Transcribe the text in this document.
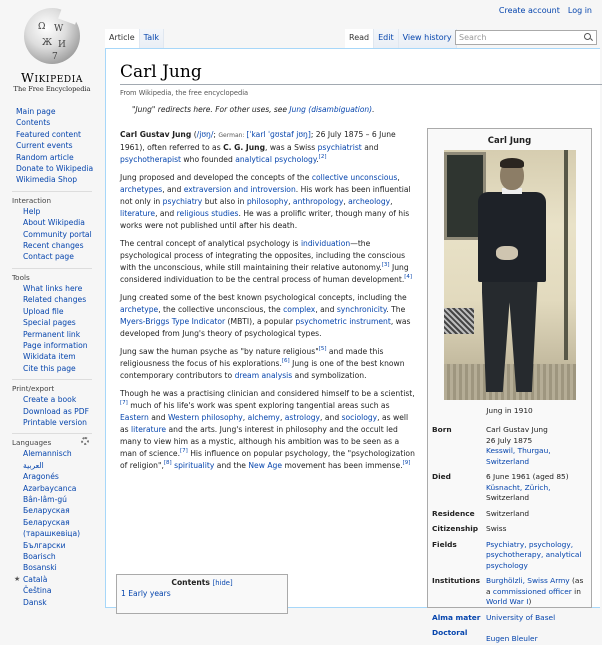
Create account Log in
Ω W
Ж И
7
Wikipedia
The Free Encyclopedia
Article	Talk	Read	Edit	View history Search
Carl Jung
From Wikipedia, the free encyclopedia
"Jung" redirects here. For other uses, see Jung (disambiguation).

Carl Gustav Jung (/jʊŋ/; German: [ˈkarl ˈɡʊstaf jʊŋ]; 26 July 1875 – 6 June 1961), often referred to as C. G. Jung, was a Swiss psychiatrist and psychotherapist who founded analytical psychology.[2]

Jung proposed and developed the concepts of the collective unconscious, archetypes, and extraversion and introversion. His work has been influential not only in psychiatry but also in philosophy, anthropology, archeology, literature, and religious studies. He was a prolific writer, though many of his works were not published until after his death.

The central concept of analytical psychology is individuation—the psychological process of integrating the opposites, including the conscious with the unconscious, while still maintaining their relative autonomy.[3] Jung considered individuation to be the central process of human development.[4]

Jung created some of the best known psychological concepts, including the archetype, the collective unconscious, the complex, and synchronicity. The Myers-Briggs Type Indicator (MBTI), a popular psychometric instrument, was developed from Jung's theory of psychological types.

Jung saw the human psyche as "by nature religious"[5] and made this religiousness the focus of his explorations.[6] Jung is one of the best known contemporary contributors to dream analysis and symbolization.

Though he was a practising clinician and considered himself to be a scientist,[7] much of his life's work was spent exploring tangential areas such as Eastern and Western philosophy, alchemy, astrology, and sociology, as well as literature and the arts. Jung's interest in philosophy and the occult led many to view him as a mystic, although his ambition was to be seen as a man of science.[7] His influence on popular psychology, the "psychologization of religion",[8] spirituality and the New Age movement has been immense.[9]

Contents [hide]
1 Early years
Carl Jung
Jung in 1910
Born	Carl Gustav Jung
26 July 1875
Kesswil, Thurgau,
Switzerland
Died	6 June 1961 (aged 85)
Küsnacht, Zürich,
Switzerland
Residence	Switzerland
Citizenship	Swiss
Fields	Psychiatry, psychology, psychotherapy, analytical psychology
Institutions Burghölzli, Swiss Army (as a commissioned officer in World War I)
Alma mater University of Basel
Doctoral
Eugen Bleuler
Main page
Contents
Featured content
Current events
Random article
Donate to Wikipedia
Wikimedia Shop
Interaction
Help
About Wikipedia
Community portal
Recent changes
Contact page
Tools
What links here
Related changes
Upload file
Special pages
Permanent link
Page information
Wikidata item
Cite this page
Print/export
Create a book
Download as PDF
Printable version
Languages
Alemannisch
العربية
Aragonés
Azərbaycanca
Bân-lâm-gú
Беларуская
Беларуская (тарашкевіца)
Български
Boarisch
Bosanski
★ Català
Čeština
Dansk
